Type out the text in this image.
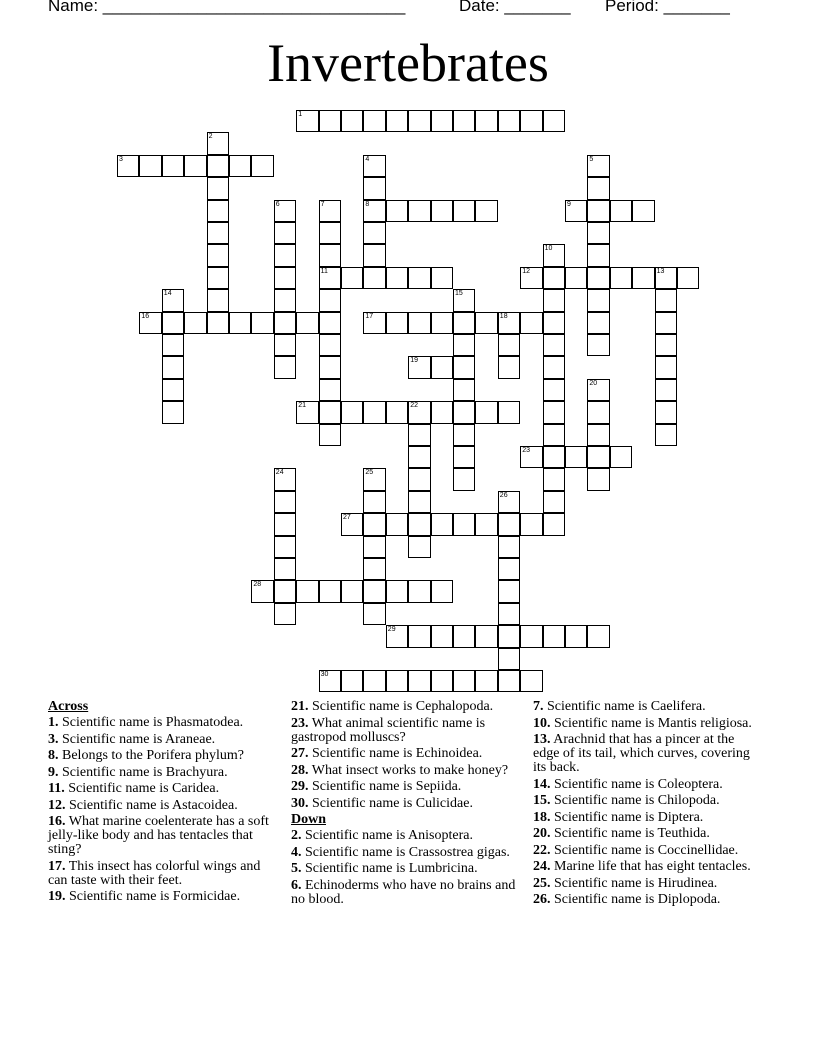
Name: ________________________________	Date: _______ Period: _______
Invertebrates
1
2
3	4
8
5
6	7
11
9
10
12	13
14	15
16	17	18
19
20
21	22
23
24	25
26
27
28
29
30
Across
1. Scientific name is Phasmatodea.
3. Scientific name is Araneae.
8. Belongs to the Porifera phylum?
9. Scientific name is Brachyura.
11. Scientific name is Caridea.
12. Scientific name is Astacoidea.
16. What marine coelenterate has a soft jelly-like body and has tentacles that sting?
17. This insect has colorful wings and can taste with their feet.
19. Scientific name is Formicidae.
21. Scientific name is Cephalopoda.
23. What animal scientific name is gastropod molluscs?
27. Scientific name is Echinoidea.
28. What insect works to make honey?
29. Scientific name is Sepiida.
30. Scientific name is Culicidae.
Down
2. Scientific name is Anisoptera.
4. Scientific name is Crassostrea gigas.
5. Scientific name is Lumbricina.
6. Echinoderms who have no brains and no blood.
7. Scientific name is Caelifera.
10. Scientific name is Mantis religiosa.
13. Arachnid that has a pincer at the edge of its tail, which curves, covering its back.
14. Scientific name is Coleoptera.
15. Scientific name is Chilopoda.
18. Scientific name is Diptera.
20. Scientific name is Teuthida.
22. Scientific name is Coccinellidae.
24. Marine life that has eight tentacles.
25. Scientific name is Hirudinea.
26. Scientific name is Diplopoda.
